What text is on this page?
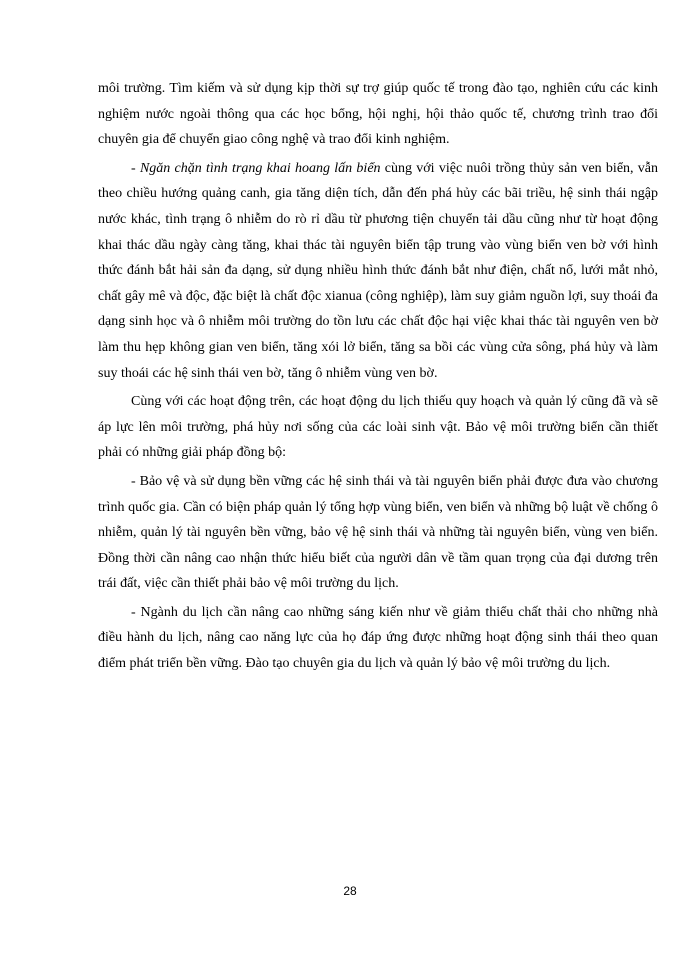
môi trường. Tìm kiếm và sử dụng kịp thời sự trợ giúp quốc tế trong đào tạo, nghiên cứu các kinh nghiệm nước ngoài thông qua các học bổng, hội nghị, hội thảo quốc tế, chương trình trao đổi chuyên gia để chuyển giao công nghệ và trao đổi kinh nghiệm.

- Ngăn chặn tình trạng khai hoang lấn biển cùng với việc nuôi trồng thủy sản ven biển, vẫn theo chiều hướng quảng canh, gia tăng diện tích, dẫn đến phá hủy các bãi triều, hệ sinh thái ngập nước khác, tình trạng ô nhiễm do rò rỉ dầu từ phương tiện chuyển tải dầu cũng như từ hoạt động khai thác dầu ngày càng tăng, khai thác tài nguyên biển tập trung vào vùng biển ven bờ với hình thức đánh bắt hải sản đa dạng, sử dụng nhiều hình thức đánh bắt như điện, chất nổ, lưới mắt nhỏ, chất gây mê và độc, đặc biệt là chất độc xianua (công nghiệp), làm suy giảm nguồn lợi, suy thoái đa dạng sinh học và ô nhiễm môi trường do tồn lưu các chất độc hại việc khai thác tài nguyên ven bờ làm thu hẹp không gian ven biển, tăng xói lở biển, tăng sa bồi các vùng cửa sông, phá hủy và làm suy thoái các hệ sinh thái ven bờ, tăng ô nhiễm vùng ven bờ.

Cùng với các hoạt động trên, các hoạt động du lịch thiếu quy hoạch và quản lý cũng đã và sẽ áp lực lên môi trường, phá hủy nơi sống của các loài sinh vật. Bảo vệ môi trường biển cần thiết phải có những giải pháp đồng bộ:

- Bảo vệ và sử dụng bền vững các hệ sinh thái và tài nguyên biển phải được đưa vào chương trình quốc gia. Cần có biện pháp quản lý tổng hợp vùng biển, ven biển và những bộ luật về chống ô nhiễm, quản lý tài nguyên bền vững, bảo vệ hệ sinh thái và những tài nguyên biển, vùng ven biển. Đồng thời cần nâng cao nhận thức hiểu biết của người dân về tầm quan trọng của đại dương trên trái đất, việc cần thiết phải bảo vệ môi trường du lịch.

- Ngành du lịch cần nâng cao những sáng kiến như về giảm thiểu chất thải cho những nhà điều hành du lịch, nâng cao năng lực của họ đáp ứng được những hoạt động sinh thái theo quan điểm phát triển bền vững. Đào tạo chuyên gia du lịch và quản lý bảo vệ môi trường du lịch.

28
